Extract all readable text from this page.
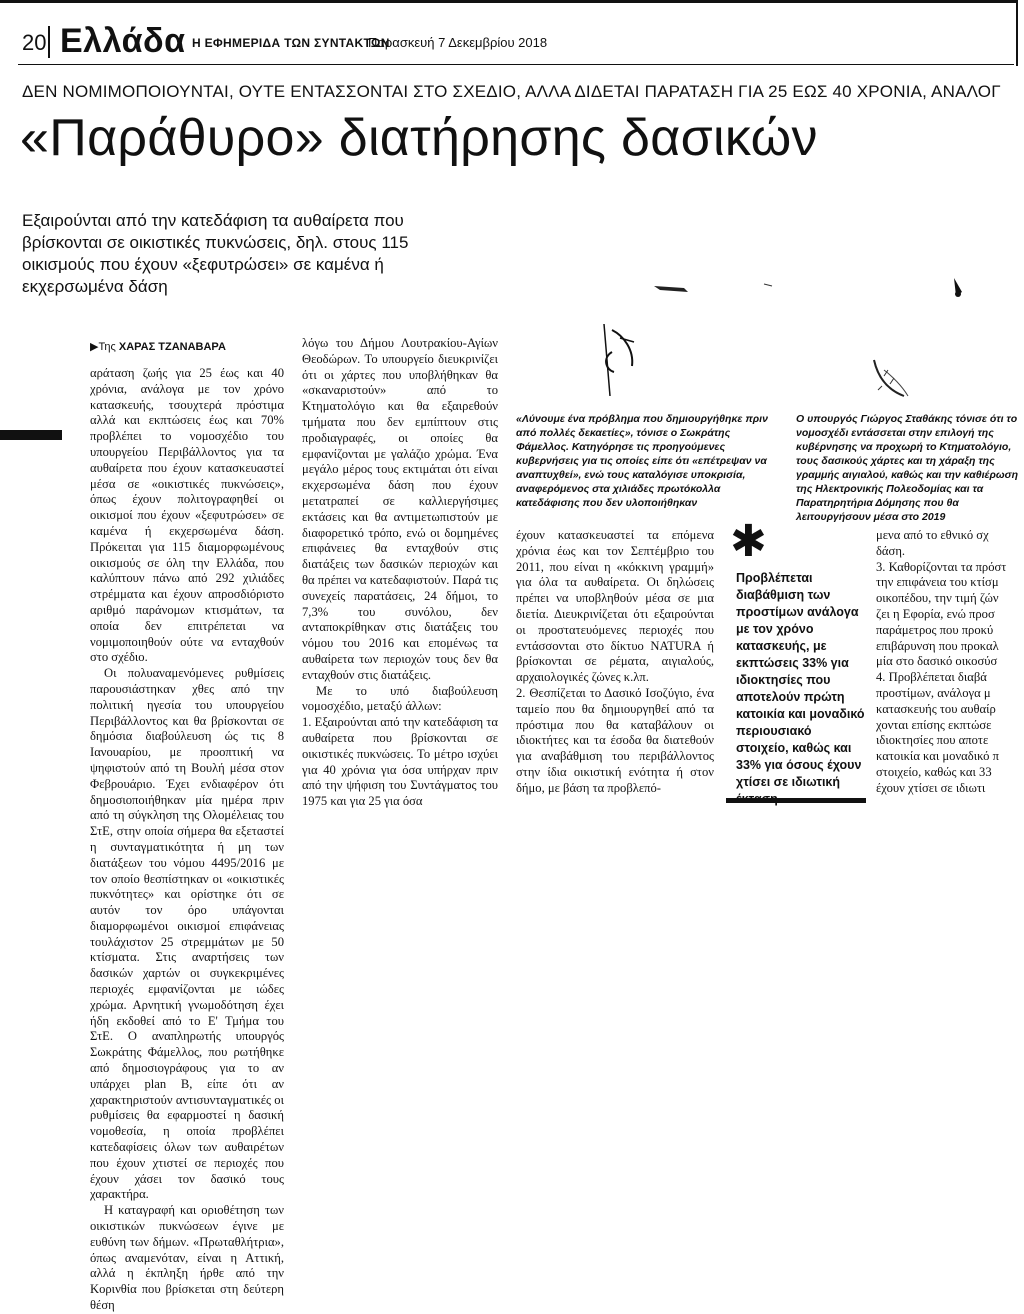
20 Ελλάδα Η ΕΦΗΜΕΡΙΔΑ ΤΩΝ ΣΥΝΤΑΚΤΩΝ
Παρασκευή 7 Δεκεμβρίου 2018
ΔΕΝ ΝΟΜΙΜΟΠΟΙΟΥΝΤΑΙ, ΟΥΤΕ ΕΝΤΑΣΣΟΝΤΑΙ ΣΤΟ ΣΧΕΔΙΟ, ΑΛΛΑ ΔΙΔΕΤΑΙ ΠΑΡΑΤΑΣΗ ΓΙΑ 25 ΕΩΣ 40 ΧΡΟΝΙΑ, ΑΝΑΛΟΓ
«Παράθυρο» διατήρησης δασικών
Εξαιρούνται από την κατεδάφιση τα αυθαίρετα που βρίσκονται σε οικιστικές πυκνώσεις, δηλ. στους 115 οικισμούς που έχουν «ξεφυτρώσει» σε καμένα ή εκχερσωμένα δάση
«Λύνουμε ένα πρόβλημα που δημιουργήθηκε πριν από πολλές δεκαετίες», τόνισε ο Σωκράτης Φάμελλος. Κατηγόρησε τις προηγούμενες κυβερνήσεις για τις οποίες είπε ότι «επέτρεψαν να αναπτυχθεί», ενώ τους καταλόγισε υποκρισία, αναφερόμενος στα χιλιάδες πρωτόκολλα κατεδάφισης που δεν υλοποιήθηκαν
Ο υπουργός Γιώργος Σταθάκης τόνισε ότι το νομοσχέδι εντάσσεται στην επιλογή της κυβέρνησης να προχωρή το Κτηματολόγιο, τους δασικούς χάρτες και τη χάραξη της γραμμής αιγιαλού, καθώς και την καθιέρωση της Ηλεκτρονικής Πολεοδομίας και τα Παρατηρητήρια Δόμησης που θα λειτουργήσουν μέσα στο 2019
▶Της ΧΑΡΑΣ ΤΖΑΝΑΒΑΡΑ

αράταση ζωής για 25 έως και 40 χρόνια, ανάλογα με τον χρόνο κατασκευής, τσουχτερά πρόστιμα αλλά και εκπτώσεις έως και 70% προβλέπει το νομοσχέδιο του υπουργείου Περιβάλλοντος για τα αυθαίρετα που έχουν κατασκευαστεί μέσα σε «οικιστικές πυκνώσεις», όπως έχουν πολιτογραφηθεί οι οικισμοί που έχουν «ξεφυτρώσει» σε καμένα ή εκχερσωμένα δάση. Πρόκειται για 115 διαμορφωμένους οικισμούς σε όλη την Ελλάδα, που καλύπτουν πάνω από 292 χιλιάδες στρέμματα και έχουν απροσδιόριστο αριθμό παράνομων κτισμάτων, τα οποία δεν επιτρέπεται να νομιμοποιηθούν ούτε να ενταχθούν στο σχέδιο.

Οι πολυαναμενόμενες ρυθμίσεις παρουσιάστηκαν χθες από την πολιτική ηγεσία του υπουργείου Περιβάλλοντος και θα βρίσκονται σε δημόσια διαβούλευση ώς τις 8 Ιανουαρίου, με προοπτική να ψηφιστούν από τη Βουλή μέσα στον Φεβρουάριο. Έχει ενδιαφέρον ότι δημοσιοποιήθηκαν μία ημέρα πριν από τη σύγκληση της Ολομέλειας του ΣτΕ, στην οποία σήμερα θα εξεταστεί η συνταγματικότητα ή μη των διατάξεων του νόμου 4495/2016 με τον οποίο θεσπίστηκαν οι «οικιστικές πυκνότητες» και ορίστηκε ότι σε αυτόν τον όρο υπάγονται διαμορφωμένοι οικισμοί επιφάνειας τουλάχιστον 25 στρεμμάτων με 50 κτίσματα. Στις αναρτήσεις των δασικών χαρτών οι συγκεκριμένες περιοχές εμφανίζονται με ιώδες χρώμα. Αρνητική γνωμοδότηση έχει ήδη εκδοθεί από το Ε' Τμήμα του ΣτΕ. Ο αναπληρωτής υπουργός Σωκράτης Φάμελλος, που ρωτήθηκε από δημοσιογράφους για το αν υπάρχει plan B, είπε ότι αν χαρακτηριστούν αντισυνταγματικές οι ρυθμίσεις θα εφαρμοστεί η δασική νομοθεσία, η οποία προβλέπει κατεδαφίσεις όλων των αυθαιρέτων που έχουν χτιστεί σε περιοχές που έχουν χάσει τον δασικό τους χαρακτήρα.

Η καταγραφή και οριοθέτηση των οικιστικών πυκνώσεων έγινε με ευθύνη των δήμων. «Πρωταθλήτρια», όπως αναμενόταν, είναι η Αττική, αλλά η έκπληξη ήρθε από την Κορινθία που βρίσκεται στη δεύτερη θέση

λόγω του Δήμου Λουτρακίου-Αγίων Θεοδώρων. Το υπουργείο διευκρινίζει ότι οι χάρτες που υποβλήθηκαν θα «σκαναριστούν» από το Κτηματολόγιο και θα εξαιρεθούν τμήματα που δεν εμπίπτουν στις προδιαγραφές, οι οποίες θα εμφανίζονται με γαλάζιο χρώμα. Ένα μεγάλο μέρος τους εκτιμάται ότι είναι εκχερσωμένα δάση που έχουν μετατραπεί σε καλλιεργήσιμες εκτάσεις και θα αντιμετωπιστούν με διαφορετικό τρόπο, ενώ οι δομημένες επιφάνειες θα ενταχθούν στις διατάξεις των δασικών περιοχών και θα πρέπει να κατεδαφιστούν. Παρά τις συνεχείς παρατάσεις, 24 δήμοι, το 7,3% του συνόλου, δεν ανταποκρίθηκαν στις διατάξεις του νόμου του 2016 και επομένως τα αυθαίρετα των περιοχών τους δεν θα ενταχθούν στις διατάξεις.

Με το υπό διαβούλευση νομοσχέδιο, μεταξύ άλλων:

1. Εξαιρούνται από την κατεδάφιση τα αυθαίρετα που βρίσκονται σε οικιστικές πυκνώσεις. Το μέτρο ισχύει για 40 χρόνια για όσα υπήρχαν πριν από την ψήφιση του Συντάγματος του 1975 και για 25 για όσα

έχουν κατασκευαστεί τα επόμενα χρόνια έως και τον Σεπτέμβριο του 2011, που είναι η «κόκκινη γραμμή» για όλα τα αυθαίρετα. Οι δηλώσεις πρέπει να υποβληθούν μέσα σε μια διετία. Διευκρινίζεται ότι εξαιρούνται οι προστατευόμενες περιοχές που εντάσσονται στο δίκτυο NATURA ή βρίσκονται σε ρέματα, αιγιαλούς, αρχαιολογικές ζώνες κ.λπ.

2. Θεσπίζεται το Δασικό Ισοζύγιο, ένα ταμείο που θα δημιουργηθεί από τα πρόστιμα που θα καταβάλουν οι ιδιοκτήτες και τα έσοδα θα διατεθούν για αναβάθμιση του περιβάλλοντος στην ίδια οικιστική ενότητα ή στον δήμο, με βάση τα προβλεπό-

✱
Προβλέπεται διαβάθμιση των προστίμων ανάλογα με τον χρόνο κατασκευής, με εκπτώσεις 33% για ιδιοκτησίες που αποτελούν πρώτη κατοικία και μοναδικό περιουσιακό στοιχείο, καθώς και 33% για όσους έχουν χτίσει σε ιδιωτική

μενα από το εθνικό σχ

δάση.

3. Καθορίζονται τα πρόστ

την επιφάνεια του κτίσμ

οικοπέδου, την τιμή ζών

ζει η Εφορία, ενώ προσ

παράμετρος που προκύ

επιβάρυνση που προκαλ

μία στο δασικό οικοσύσ

4. Προβλέπεται διαβά

προστίμων, ανάλογα μ

κατασκευής του αυθαίρ

χονται επίσης εκπτώσε

ιδιοκτησίες που αποτε

κατοικία και μοναδικό π

στοιχείο, καθώς και 33

έχουν χτίσει σε ιδιωτι
